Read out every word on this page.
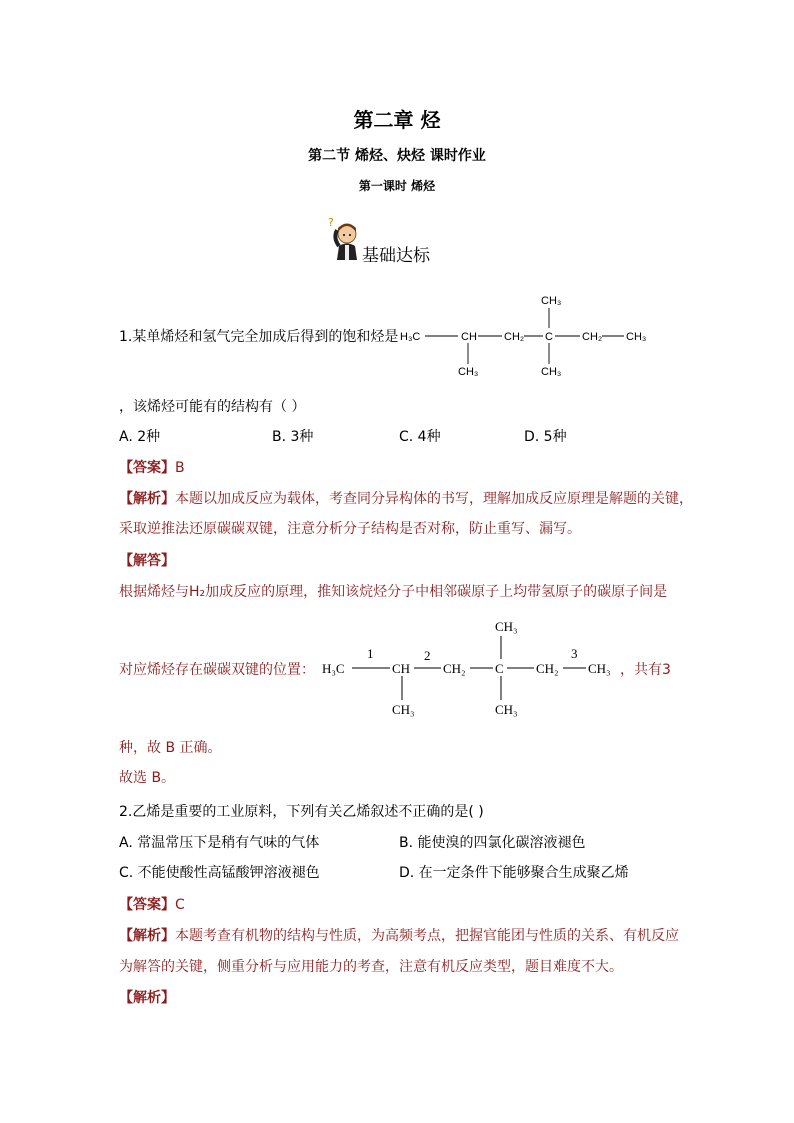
第二章 烃
第二节 烯烃、炔烃 课时作业
第一课时 烯烃
?
基础达标
1.某单烯烃和氢气完全加成后得到的饱和烃是 H₃C	CH CH₂ C	CH₂ CH₃
CH₃
CH₃
CH₃
，该烯烃可能有的结构有（ ）
A. 2种	B. 3种	C. 4种	D. 5种
【答案】B
【解析】本题以加成反应为载体，考查同分异构体的书写，理解加成反应原理是解题的关键，
采取逆推法还原碳碳双键，注意分析分子结构是否对称，防止重写、漏写。
【解答】
根据烯烃与H₂加成反应的原理，推知该烷烃分子中相邻碳原子上均带氢原子的碳原子间是
对应烯烃存在碳碳双键的位置： H₃C	CH	CH₂ C CH₂ CH₃
CH₃
CH₃
CH₃
1	2	3
，共有3
种，故 B 正确。
故选 B。
2.乙烯是重要的工业原料，下列有关乙烯叙述不正确的是( )
A. 常温常压下是稍有气味的气体	B. 能使溴的四氯化碳溶液褪色
C. 不能使酸性高锰酸钾溶液褪色	D. 在一定条件下能够聚合生成聚乙烯
【答案】C
【解析】本题考查有机物的结构与性质，为高频考点，把握官能团与性质的关系、有机反应
为解答的关键，侧重分析与应用能力的考查，注意有机反应类型，题目难度不大。
【解析】
